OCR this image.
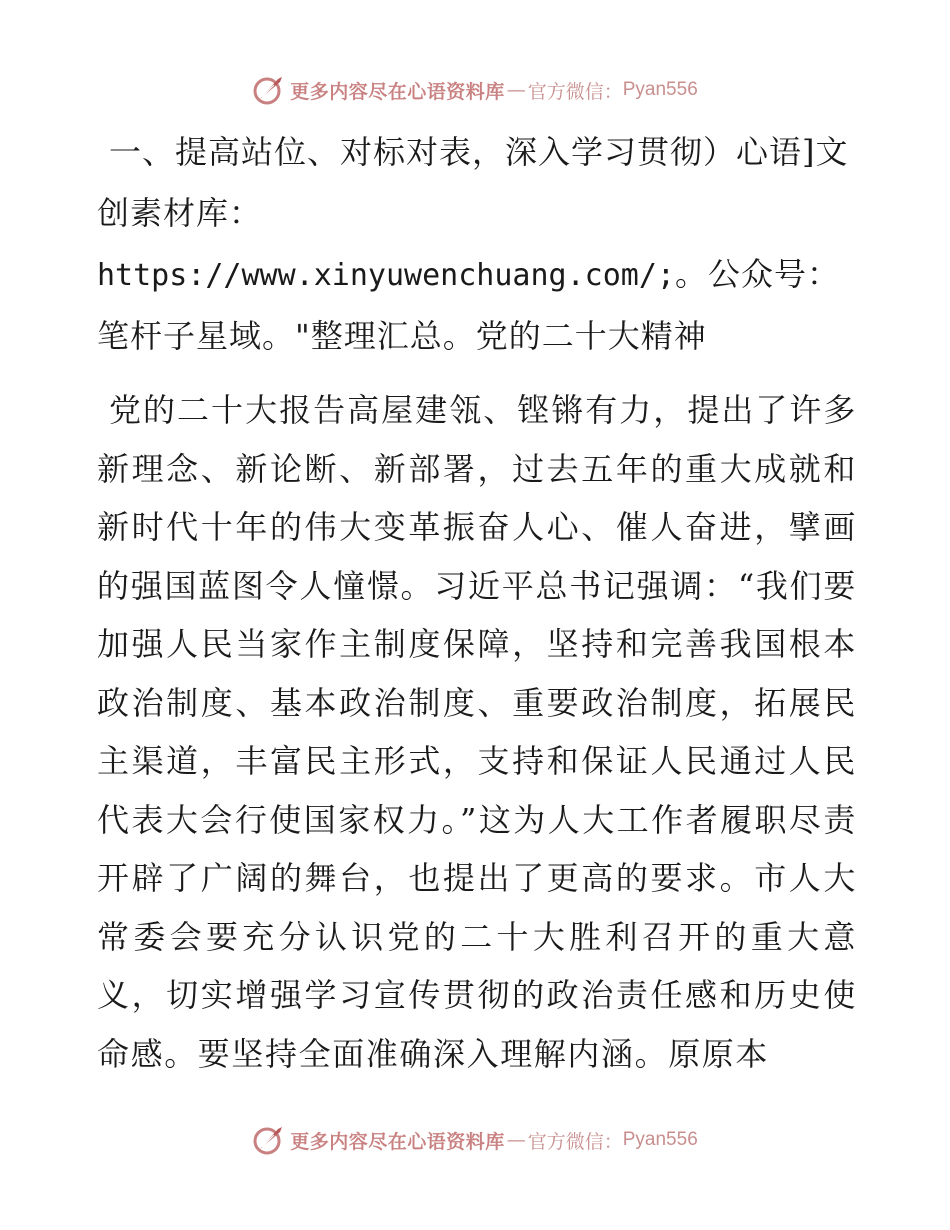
更多内容尽在心语资料库 — 官方微信： Pyan556

一、提高站位、对标对表，深入学习贯彻）心语]文创素材库：https://www.xinyuwenchuang.com/;。公众号：笔杆子星域。"整理汇总。党的二十大精神

党的二十大报告高屋建瓴、铿锵有力，提出了许多新理念、新论断、新部署，过去五年的重大成就和新时代十年的伟大变革振奋人心、催人奋进，擘画的强国蓝图令人憧憬。习近平总书记强调：“我们要加强人民当家作主制度保障，坚持和完善我国根本政治制度、基本政治制度、重要政治制度，拓展民主渠道，丰富民主形式，支持和保证人民通过人民代表大会行使国家权力。”这为人大工作者履职尽责开辟了广阔的舞台，也提出了更高的要求。市人大常委会要充分认识党的二十大胜利召开的重大意义，切实增强学习宣传贯彻的政治责任感和历史使命感。要坚持全面准确深入理解内涵。原原本

更多内容尽在心语资料库 — 官方微信： Pyan556
